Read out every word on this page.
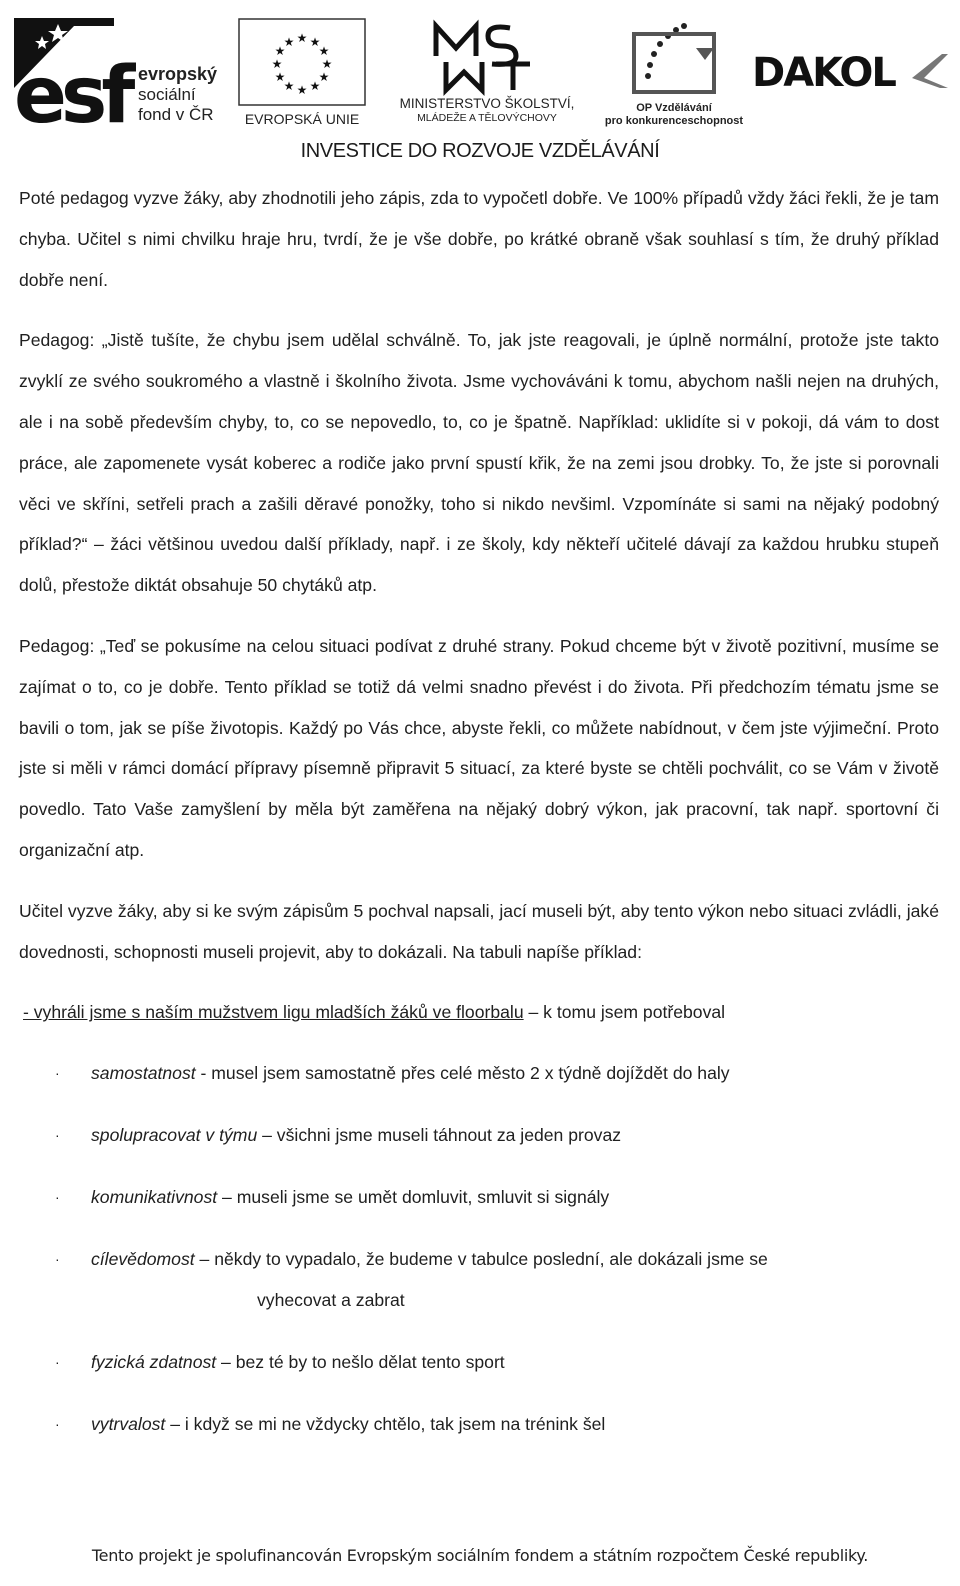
esf evropský
sociální
fond v ČR
★ ★
★
★
★
★
★
★
★
★
★
★
EVROPSKÁ UNIE
MINISTERSTVO ŠKOLSTVÍ,
MLÁDEŽE A TĚLOVÝCHOVY
OP Vzdělávání
pro konkurenceschopnost
DAKOL
INVESTICE DO ROZVOJE VZDĚLÁVÁNÍ

Poté pedagog vyzve žáky, aby zhodnotili jeho zápis, zda to vypočetl dobře. Ve 100% případů vždy žáci řekli, že je tam chyba. Učitel s nimi chvilku hraje hru, tvrdí, že je vše dobře, po krátké obraně však souhlasí s tím, že druhý příklad dobře není.

Pedagog: „Jistě tušíte, že chybu jsem udělal schválně. To, jak jste reagovali, je úplně normální, protože jste takto zvyklí ze svého soukromého a vlastně i školního života. Jsme vychováváni k tomu, abychom našli nejen na druhých, ale i na sobě především chyby, to, co se nepovedlo, to, co je špatně. Například: uklidíte si v pokoji, dá vám to dost práce, ale zapomenete vysát koberec a rodiče jako první spustí křik, že na zemi jsou drobky. To, že jste si porovnali věci ve skříni, setřeli prach a zašili děravé ponožky, toho si nikdo nevšiml. Vzpomínáte si sami na nějaký podobný příklad?“ – žáci většinou uvedou další příklady, např. i ze školy, kdy někteří učitelé dávají za každou hrubku stupeň dolů, přestože diktát obsahuje 50 chytáků atp.

Pedagog: „Teď se pokusíme na celou situaci podívat z druhé strany. Pokud chceme být v životě pozitivní, musíme se zajímat o to, co je dobře. Tento příklad se totiž dá velmi snadno převést i do života. Při předchozím tématu jsme se bavili o tom, jak se píše životopis. Každý po Vás chce, abyste řekli, co můžete nabídnout, v čem jste výjimeční. Proto jste si měli v rámci domácí přípravy písemně připravit 5 situací, za které byste se chtěli pochválit, co se Vám v životě povedlo. Tato Vaše zamyšlení by měla být zaměřena na nějaký dobrý výkon, jak pracovní, tak např. sportovní či organizační atp.

Učitel vyzve žáky, aby si ke svým zápisům 5 pochval napsali, jací museli být, aby tento výkon nebo situaci zvládli, jaké dovednosti, schopnosti museli projevit, aby to dokázali. Na tabuli napíše příklad:

- vyhráli jsme s naším mužstvem ligu mladších žáků ve floorbalu – k tomu jsem potřeboval
· samostatnost - musel jsem samostatně přes celé město 2 x týdně dojíždět do haly
· spolupracovat v týmu – všichni jsme museli táhnout za jeden provaz
· komunikativnost – museli jsme se umět domluvit, smluvit si signály
· cílevědomost – někdy to vypadalo, že budeme v tabulce poslední, ale dokázali jsme se
vyhecovat a zabrat
· fyzická zdatnost – bez té by to nešlo dělat tento sport
· vytrvalost – i když se mi ne vždycky chtělo, tak jsem na trénink šel
Tento projekt je spolufinancován Evropským sociálním fondem a státním rozpočtem České republiky.
